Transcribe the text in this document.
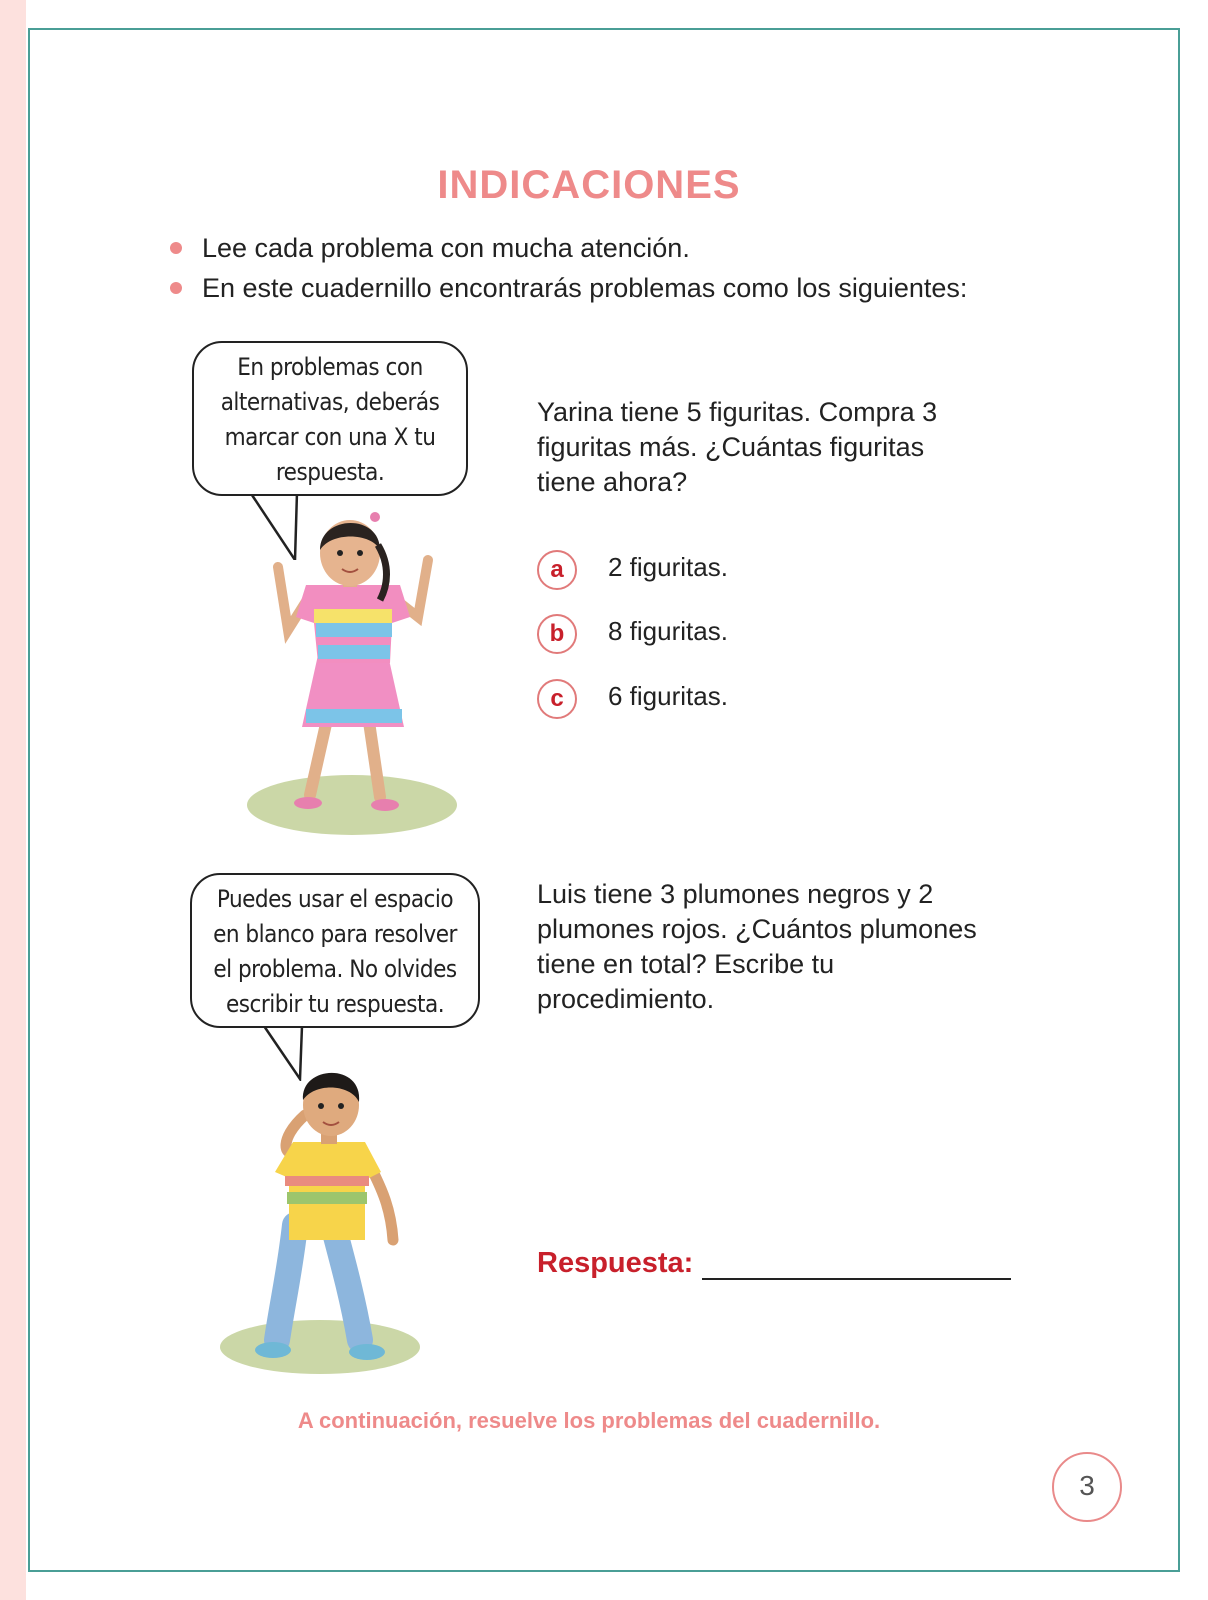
INDICACIONES
Lee cada problema con mucha atención.
En este cuadernillo encontrarás problemas como los siguientes:
En problemas con
alternativas, deberás
marcar con una X tu
respuesta.
Yarina tiene 5 figuritas. Compra 3
figuritas más. ¿Cuántas figuritas
tiene ahora?
a	2 figuritas.
b	8 figuritas.
c	6 figuritas.
Puedes usar el espacio
en blanco para resolver
el problema. No olvides
escribir tu respuesta.
Luis tiene 3 plumones negros y 2
plumones rojos. ¿Cuántos plumones
tiene en total? Escribe tu
procedimiento.
Respuesta:
A continuación, resuelve los problemas del cuadernillo.
3
